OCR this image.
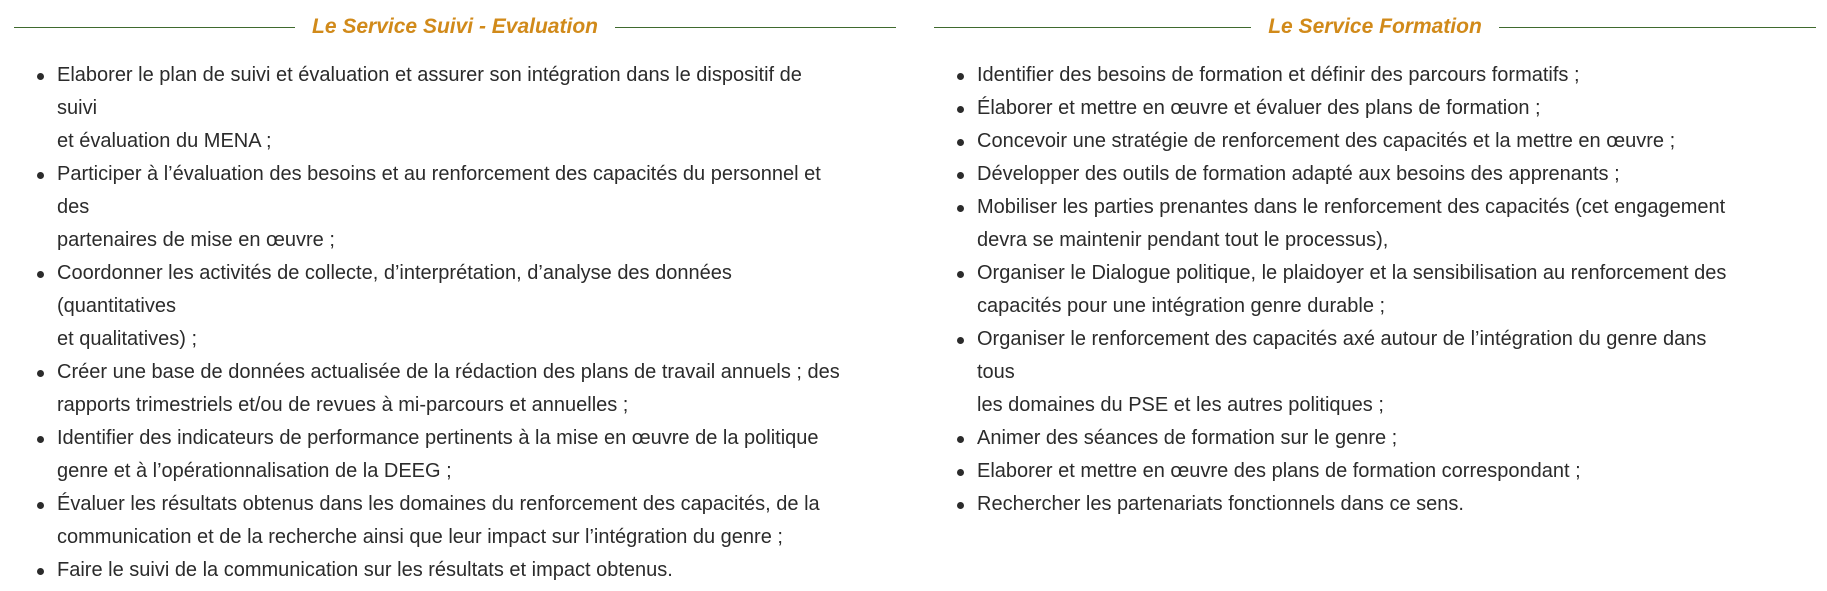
Le Service Suivi - Evaluation
Elaborer le plan de suivi et évaluation et assurer son intégration dans le dispositif de
suivi
et évaluation du MENA ;
Participer à l’évaluation des besoins et au renforcement des capacités du personnel et
des
partenaires de mise en œuvre ;
Coordonner les activités de collecte, d’interprétation, d’analyse des données
(quantitatives
et qualitatives) ;
Créer une base de données actualisée de la rédaction des plans de travail annuels ; des
rapports trimestriels et/ou de revues à mi-parcours et annuelles ;
Identifier des indicateurs de performance pertinents à la mise en œuvre de la politique
genre et à l’opérationnalisation de la DEEG ;
Évaluer les résultats obtenus dans les domaines du renforcement des capacités, de la
communication et de la recherche ainsi que leur impact sur l’intégration du genre ;
Faire le suivi de la communication sur les résultats et impact obtenus.
Le Service Formation
Identifier des besoins de formation et définir des parcours formatifs ;
Élaborer et mettre en œuvre et évaluer des plans de formation ;
Concevoir une stratégie de renforcement des capacités et la mettre en œuvre ;
Développer des outils de formation adapté aux besoins des apprenants ;
Mobiliser les parties prenantes dans le renforcement des capacités (cet engagement
devra se maintenir pendant tout le processus),
Organiser le Dialogue politique, le plaidoyer et la sensibilisation au renforcement des
capacités pour une intégration genre durable ;
Organiser le renforcement des capacités axé autour de l’intégration du genre dans
tous
les domaines du PSE et les autres politiques ;
Animer des séances de formation sur le genre ;
Elaborer et mettre en œuvre des plans de formation correspondant ;
Rechercher les partenariats fonctionnels dans ce sens.
